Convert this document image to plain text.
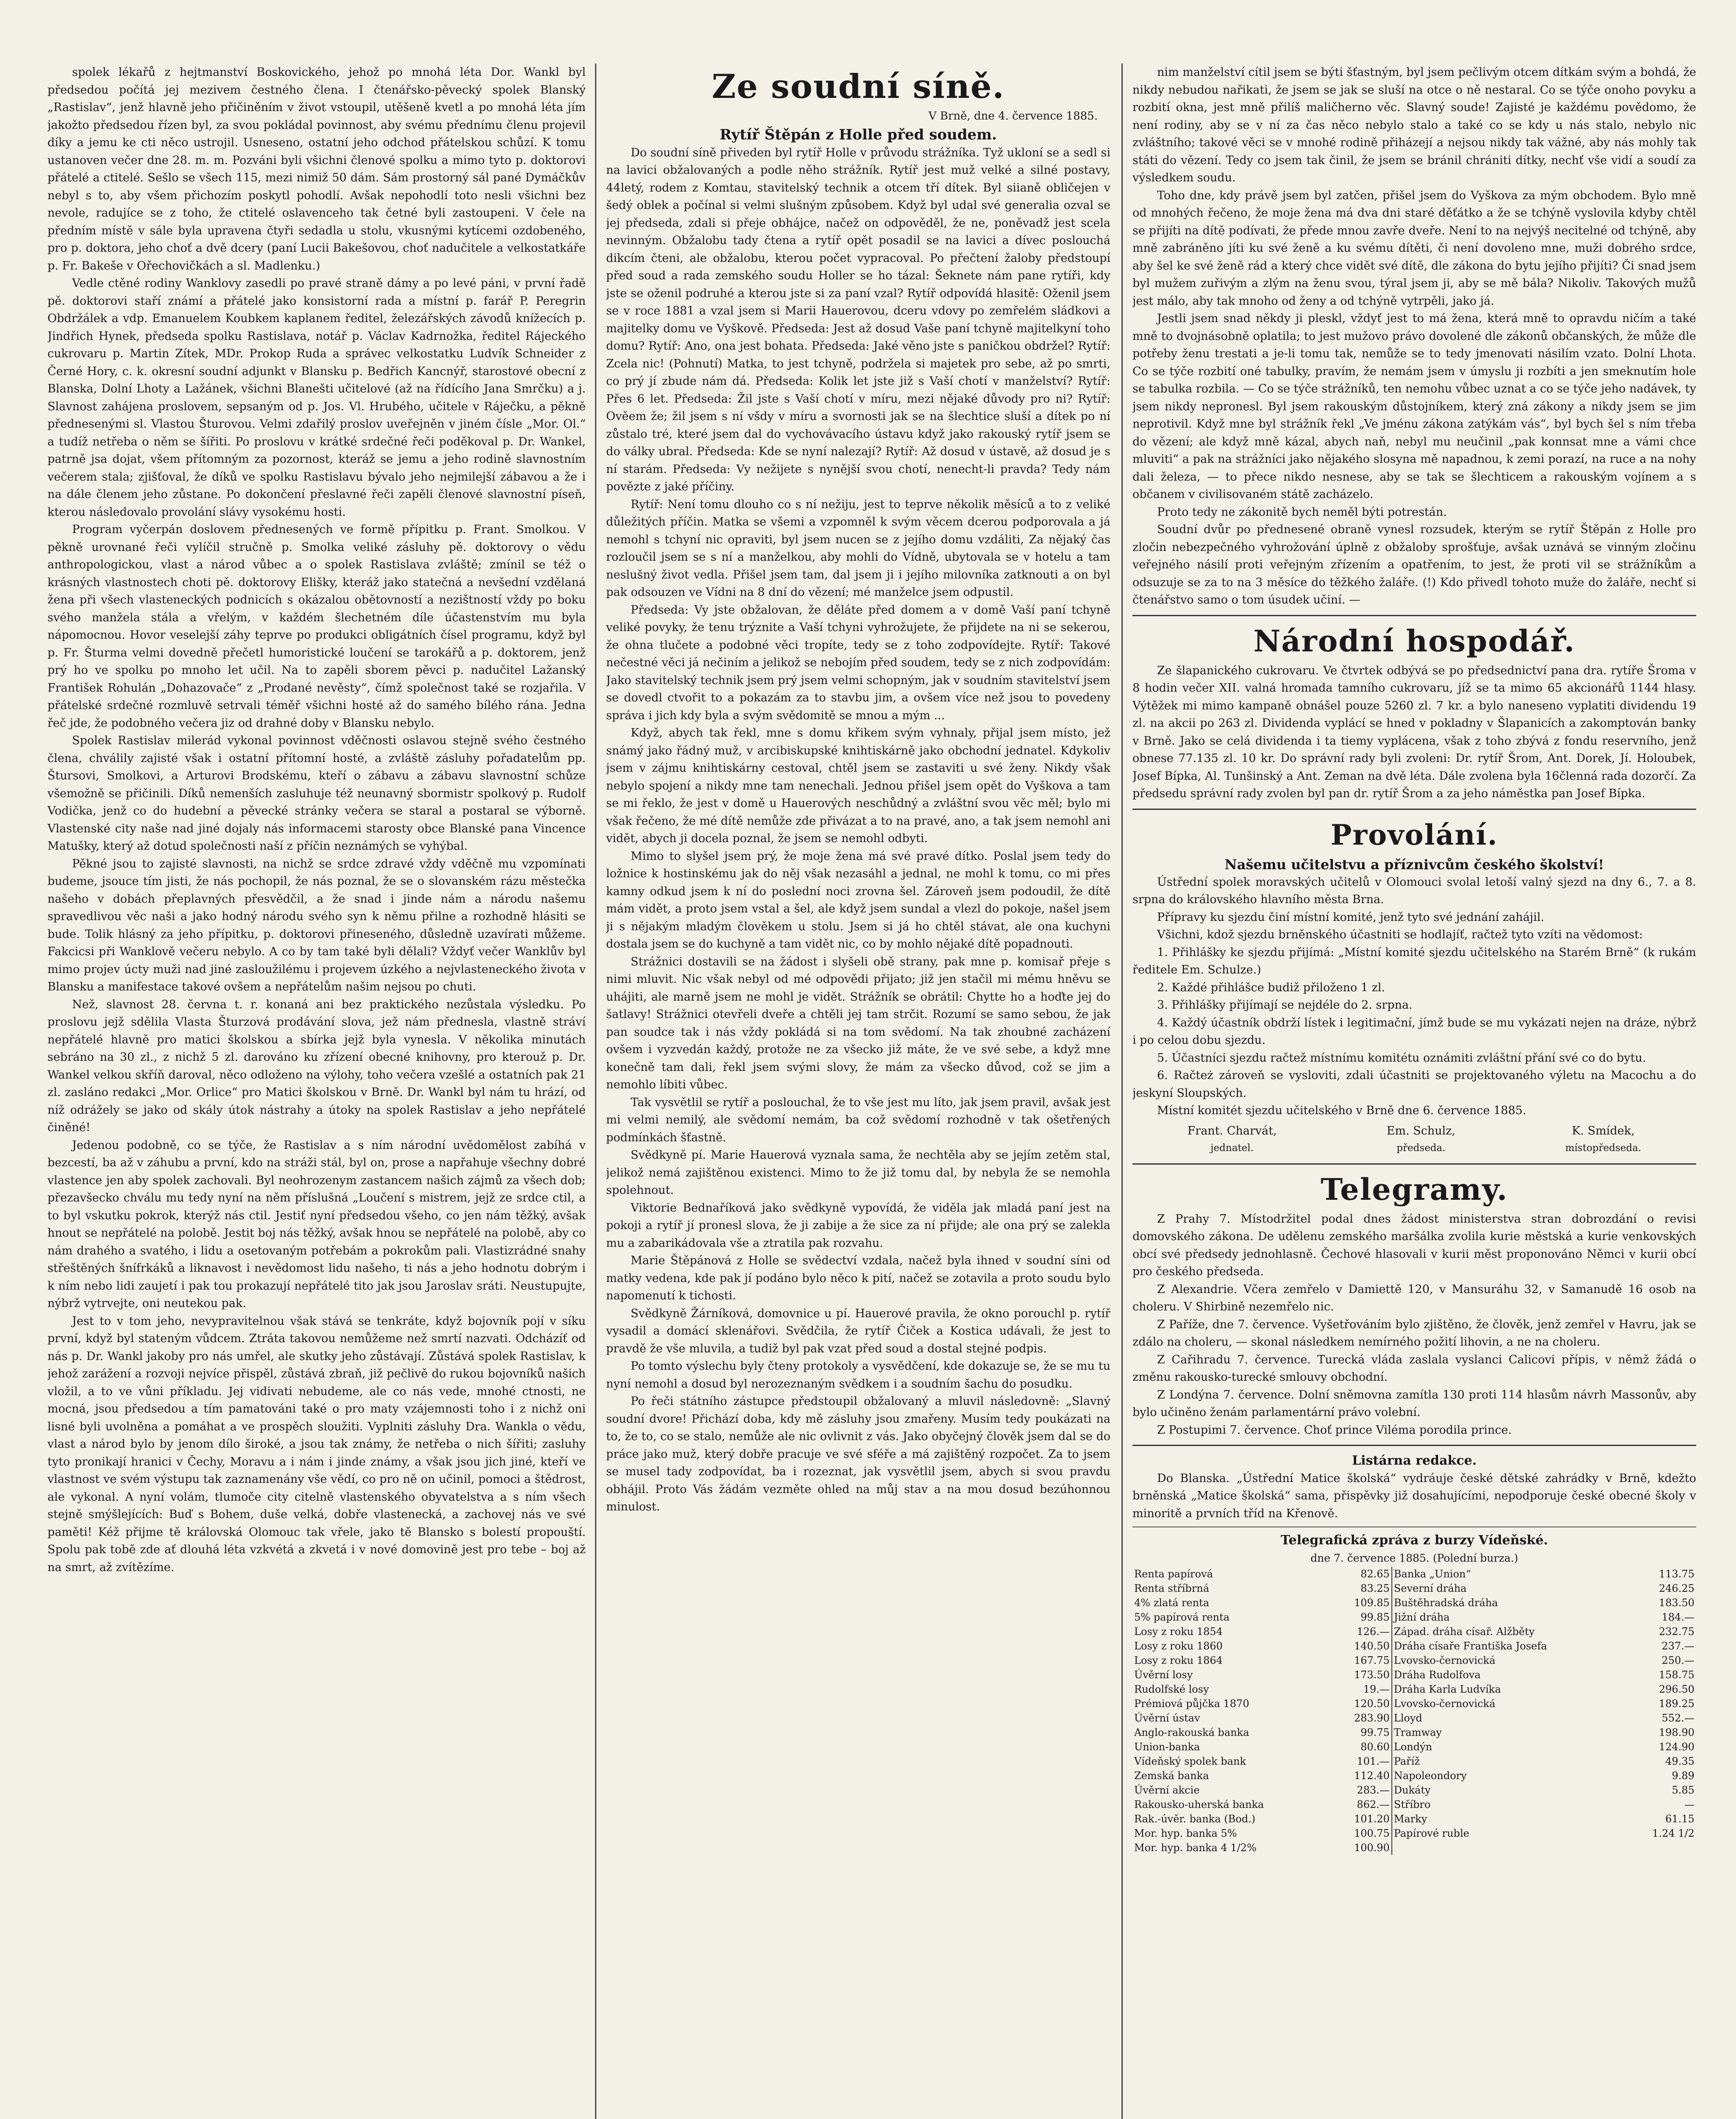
spolek lékařů z hejtmanství Boskovického, jehož po mnohá léta Dor. Wankl byl předsedou počítá jej mezivem čestného člena. I čtenářsko-pěvecký spolek Blanský „Rastislav“, jenž hlavně jeho přičiněním v život vstoupil, utěšeně kvetl a po mnohá léta jím jakožto předsedou řízen byl, za svou pokládal povinnost, aby svému přednímu členu projevil díky a jemu ke cti něco ustrojil. Usneseno, ostatní jeho odchod přátelskou schůzí. K tomu ustanoven večer dne 28. m. m. Pozváni byli všichni členové spolku a mimo tyto p. doktorovi přátelé a ctitelé. Sešlo se všech 115, mezi nimiž 50 dám. Sám prostorný sál pané Dymáčkův nebyl s to, aby všem přichozím poskytl pohodlí. Avšak nepohodlí toto nesli všichni bez nevole, radujíce se z toho, že ctitelé oslavenceho tak četné byli zastoupeni. V čele na předním místě v sále byla upravena čtyři sedadla u stolu, vkusnými kytícemi ozdobeného, pro p. doktora, jeho choť a dvě dcery (paní Lucii Bakešovou, choť nadučitele a velkostatkáře p. Fr. Bakeše v Ořechovičkách a sl. Madlenku.)

Vedle ctěné rodiny Wanklovy zasedli po pravé straně dámy a po levé páni, v první řadě pě. doktorovi staří známí a přátelé jako konsistorní rada a místní p. farář P. Peregrin Obdržálek a vdp. Emanuelem Koubkem kaplanem ředitel, železářských závodů knížecích p. Jindřich Hynek, předseda spolku Rastislava, notář p. Václav Kadrnožka, ředitel Rájeckého cukrovaru p. Martin Zítek, MDr. Prokop Ruda a správec velkostatku Ludvík Schneider z Černé Hory, c. k. okresní soudní adjunkt v Blansku p. Bedřich Kancnýř, starostové obecní z Blanska, Dolní Lhoty a Lažánek, všichni Blanešti učitelové (až na řídícího Jana Smrčku) a j. Slavnost zahájena proslovem, sepsaným od p. Jos. Vl. Hrubého, učitele v Ráječku, a pěkně přednesenými sl. Vlastou Šturovou. Velmi zdařilý proslov uveřejněn v jiném čísle „Mor. Ol.“ a tudíž netřeba o něm se šířiti. Po proslovu v krátké srdečné řeči poděkoval p. Dr. Wankel, patrně jsa dojat, všem přítomným za pozornost, kteráž se jemu a jeho rodině slavnostním večerem stala; zjišťoval, že díků ve spolku Rastislavu bývalo jeho nejmilejší zábavou a že i na dále členem jeho zůstane. Po dokončení přeslavné řeči zapěli členové slavnostní píseň, kterou následovalo provolání slávy vysokému hosti.

Program vyčerpán doslovem přednesených ve formě přípitku p. Frant. Smolkou. V pěkně urovnané řeči vylíčil stručně p. Smolka veliké zásluhy pě. doktorovy o vědu anthropologickou, vlast a národ vůbec a o spolek Rastislava zvláště; zmínil se též o krásných vlastnostech choti pě. doktorovy Elišky, kteráž jako statečná a nevšední vzdělaná žena při všech vlasteneckých podnicích s okázalou obětovností a nezištností vždy po boku svého manžela stála a vřelým, v každém šlechetném díle účastenstvím mu byla nápomocnou. Hovor veselejší záhy teprve po produkci obligátních čísel programu, když byl p. Fr. Šturma velmi dovedně přečetl humoristické loučení se tarokářů a p. doktorem, jenž prý ho ve spolku po mnoho let učil. Na to zapěli sborem pěvci p. nadučitel Lažanský František Rohulán „Dohazovače“ z „Prodané nevěsty“, čímž společnost také se rozjařila. V přátelské srdečné rozmluvě setrvali téměř všichni hosté až do samého bílého rána. Jedna řeč jde, že podobného večera jiz od drahné doby v Blansku nebylo.

Spolek Rastislav milerád vykonal povinnost vděčnosti oslavou stejně svého čestného člena, chválily zajisté však i ostatní přítomní hosté, a zvláště zásluhy pořadatelům pp. Štursovi, Smolkovi, a Arturovi Brodskému, kteří o zábavu a zábavu slavnostní schůze všemožně se přičinili. Díků nemenších zasluhuje též neunavný sbormistr spolkový p. Rudolf Vodička, jenž co do hudební a pěvecké stránky večera se staral a postaral se výborně. Vlastenské city naše nad jiné dojaly nás informacemi starosty obce Blanské pana Vincence Matušky, který až dotud společnosti naší z příčin neznámých se vyhýbal.

Pěkné jsou to zajisté slavnosti, na nichž se srdce zdravé vždy vděčně mu vzpomínati budeme, jsouce tím jisti, že nás pochopil, že nás poznal, že se o slovanském rázu městečka našeho v dobách přeplavných přesvědčil, a že snad i jinde nám a národu našemu spravedlivou věc naši a jako hodný národu svého syn k němu přilne a rozhodně hlásiti se bude. Tolik hlásný za jeho přípitku, p. doktorovi přineseného, důsledně uzavírati můžeme. Fakcicsi při Wanklově večeru nebylo. A co by tam také byli dělali? Vždyť večer Wanklův byl mimo projev úcty muži nad jiné zasloužilému i projevem úzkého a nejvlasteneckého života v Blansku a manifestace takové ovšem a nepřátelům našim nejsou po chuti.

Než, slavnost 28. června t. r. konaná ani bez praktického nezůstala výsledku. Po proslovu jejž sdělila Vlasta Šturzová prodávání slova, jež nám přednesla, vlastně stráví nepřátelé hlavně pro matici školskou a sbírka jejž byla vynesla. V několika minutách sebráno na 30 zl., z nichž 5 zl. darováno ku zřízení obecné knihovny, pro kterouž p. Dr. Wankel velkou skříň daroval, něco odloženo na výlohy, toho večera vzešlé a ostatních pak 21 zl. zasláno redakci „Mor. Orlice“ pro Matici školskou v Brně. Dr. Wankl byl nám tu hrází, od níž odrážely se jako od skály útok nástrahy a útoky na spolek Rastislav a jeho nepřátelé činěné!

Jedenou podobně, co se týče, že Rastislav a s ním národní uvědomělost zabíhá v bezcestí, ba až v záhubu a první, kdo na stráži stál, byl on, prose a napřahuje všechny dobré vlastence jen aby spolek zachovali. Byl neohrozenym zastancem našich zájmů za všech dob; přezavšecko chválu mu tedy nyní na něm příslušná „Loučení s mistrem, jejž ze srdce ctil, a to byl vskutku pokrok, kterýž nás ctil. Jestiť nyní předsedou všeho, co jen nám těžký, avšak hnout se nepřátelé na polobě. Jestit boj nás těžký, avšak hnou se nepřátelé na polobě, aby co nám drahého a svatého, i lidu a osetovaným potřebám a pokrokům pali. Vlastizrádné snahy střeštěných šnífrkáků a liknavost i nevědomost lidu našeho, ti nás a jeho hodnotu dobrým i k ním nebo lidi zaujetí i pak tou prokazují nepřátelé tito jak jsou Jaroslav sráti. Neustupujte, nýbrž vytrvejte, oni neutekou pak.

Jest to v tom jeho, nevypravitelnou však stává se tenkráte, když bojovník pojí v síku první, když byl stateným vůdcem. Ztráta takovou nemůžeme než smrtí nazvati. Odcházíť od nás p. Dr. Wankl jakoby pro nás umřel, ale skutky jeho zůstávají. Zůstává spolek Rastislav, k jehož zarážení a rozvoji nejvíce přispěl, zůstává zbraň, již pečlivě do rukou bojovníků našich vložil, a to ve vůni příkladu. Jej vidivati nebudeme, ale co nás vede, mnohé ctnosti, ne mocná, jsou předsedou a tím pamatováni také o pro maty vzájemnosti toho i z nichž oni lisné byli uvolněna a pomáhat a ve prospěch sloužiti. Vyplniti zásluhy Dra. Wankla o vědu, vlast a národ bylo by jenom dílo široké, a jsou tak známy, že netřeba o nich šířiti; zasluhy tyto pronikají hranici v Čechy, Moravu a i nám i jinde známy, a však jsou jich jiné, kteří ve vlastnost ve svém výstupu tak zaznamenány vše vědí, co pro ně on učinil, pomoci a štědrost, ale vykonal. A nyní volám, tlumoče city citelně vlastenského obyvatelstva a s ním všech stejně smýšlejících: Buď s Bohem, duše velká, dobře vlastenecká, a zachovej nás ve své paměti! Kéž přijme tě královská Olomouc tak vřele, jako tě Blansko s bolestí propouští. Spolu pak tobě zde ať dlouhá léta vzkvétá a zkvetá i v nové domovině jest pro tebe – boj až na smrt, až zvítězíme.

Ze soudní síně.
V Brně, dne 4. července 1885.
Rytíř Štěpán z Holle před soudem.

Do soudní síně přiveden byl rytíř Holle v průvodu strážníka. Tyž ukloní se a sedl si na lavici obžalovaných a podle něho strážník. Rytíř jest muž velké a silné postavy, 44letý, rodem z Komtau, stavitelský technik a otcem tří dítek. Byl siianě obličejen v šedý oblek a počínal si velmi slušným způsobem. Když byl udal své generalia ozval se jej předseda, zdali si přeje obhájce, načež on odpověděl, že ne, poněvadž jest scela nevinným. Obžalobu tady čtena a rytíř opět posadil se na lavici a dívec poslouchá dikcím čteni, ale obžalobu, kterou počet vypracoval. Po přečtení žaloby předstoupí před soud a rada zemského soudu Holler se ho tázal: Šeknete nám pane rytíři, kdy jste se oženil podruhé a kterou jste si za paní vzal? Rytíř odpovídá hlasitě: Oženil jsem se v roce 1881 a vzal jsem si Marii Hauerovou, dceru vdovy po zemřelém sládkovi a majitelky domu ve Vyškově. Předseda: Jest až dosud Vaše paní tchyně majitelkyní toho domu? Rytíř: Ano, ona jest bohata. Předseda: Jaké věno jste s paničkou obdržel? Rytíř: Zcela nic! (Pohnutí) Matka, to jest tchyně, podržela si majetek pro sebe, až po smrti, co prý jí zbude nám dá. Předseda: Kolik let jste již s Vaší chotí v manželství? Rytíř: Přes 6 let. Předseda: Žil jste s Vaší chotí v míru, mezi nějaké důvody pro ni? Rytíř: Ověem že; žil jsem s ní všdy v míru a svornosti jak se na šlechtice sluší a dítek po ní zůstalo tré, které jsem dal do vychovávacího ústavu když jako rakouský rytíř jsem se do války ubral. Předseda: Kde se nyní nalezají? Rytíř: Až dosud v ústavě, až dosud je s ní starám. Předseda: Vy nežijete s nynější svou chotí, nenecht-li pravda? Tedy nám povězte z jaké příčiny.

Rytíř: Není tomu dlouho co s ní nežiju, jest to teprve několik měsíců a to z veliké důležitých příčin. Matka se všemi a vzpomněl k svým věcem dcerou podporovala a já nemohl s tchyní nic opraviti, byl jsem nucen se z jejího domu vzdáliti, Za nějaký čas rozloučil jsem se s ní a manželkou, aby mohli do Vídně, ubytovala se v hotelu a tam neslušný život vedla. Přišel jsem tam, dal jsem ji i jejího milovníka zatknouti a on byl pak odsouzen ve Vídni na 8 dní do vězení; mé manželce jsem odpustil.

Předseda: Vy jste obžalovan, že děláte před domem a v domě Vaší paní tchyně veliké povyky, že tenu trýznite a Vaší tchyni vyhrožujete, že přijdete na ni se sekerou, že ohna tlučete a podobné věci tropíte, tedy se z toho zodpovídejte. Rytíř: Takové nečestné věci já nečiním a jelikož se nebojím před soudem, tedy se z nich zodpovídám: Jako stavitelský technik jsem prý jsem velmi schopným, jak v soudním stavitelství jsem se dovedl ctvořit to a pokazám za to stavbu jim, a ovšem více než jsou to povedeny správa i jich kdy byla a svým svědomitě se mnou a mým ...

Když, abych tak řekl, mne s domu křikem svým vyhnaly, přijal jsem místo, jež snámý jako řádný muž, v arcibiskupské knihtiskárně jako obchodní jednatel. Kdykoliv jsem v zájmu knihtiskárny cestoval, chtěl jsem se zastaviti u své ženy. Nikdy však nebylo spojení a nikdy mne tam nenechali. Jednou přišel jsem opět do Vyškova a tam se mi řeklo, že jest v domě u Hauerových neschůdný a zvláštní svou věc měl; bylo mi však řečeno, že mé dítě nemůže zde přivázat a to na pravé, ano, a tak jsem nemohl ani vidět, abych ji docela poznal, že jsem se nemohl odbyti.

Mimo to slyšel jsem prý, že moje žena má své pravé dítko. Poslal jsem tedy do ložnice k hostinskému jak do něj však nezasáhl a jednal, ne mohl k tomu, co mi přes kamny odkud jsem k ní do poslední noci zrovna šel. Zároveň jsem podoudil, že dítě mám vidět, a proto jsem vstal a šel, ale když jsem sundal a vlezl do pokoje, našel jsem ji s nějakým mladým člověkem u stolu. Jsem si já ho chtěl stávat, ale ona kuchyni dostala jsem se do kuchyně a tam vidět nic, co by mohlo nějaké dítě popadnouti.

Strážnici dostavili se na žádost i slyšeli obě strany, pak mne p. komisař přeje s nimi mluvit. Nic však nebyl od mé odpovědi přijato; již jen stačil mi mému hněvu se uhájiti, ale marně jsem ne mohl je vidět. Strážník se obrátil: Chytte ho a hoďte jej do šatlavy! Strážnici otevřeli dveře a chtěli jej tam strčit. Rozumí se samo sebou, že jak pan soudce tak i nás vždy pokládá si na tom svědomí. Na tak zhoubné zacházení ovšem i vyzvedán každý, protože ne za všecko již máte, že ve své sebe, a když mne konečně tam dali, řekl jsem svými slovy, že mám za všecko důvod, což se jim a nemohlo líbiti vůbec.

Tak vysvětlil se rytíř a poslouchal, že to vše jest mu líto, jak jsem pravil, avšak jest mi velmi nemilý, ale svědomí nemám, ba což svědomí rozhodně v tak ošetřených podmínkách šťastně.

Svědkyně pí. Marie Hauerová vyznala sama, že nechtěla aby se jejím zetěm stal, jelikož nemá zajištěnou existenci. Mimo to že již tomu dal, by nebyla že se nemohla spolehnout.

Viktorie Bednaříková jako svědkyně vypovídá, že viděla jak mladá paní jest na pokoji a rytíř jí pronesl slova, že ji zabije a že sice za ní přijde; ale ona prý se zalekla mu a zabarikádovala vše a ztratila pak rozvahu.

Marie Štěpánová z Holle se svědectví vzdala, načež byla ihned v soudní síni od matky vedena, kde pak jí podáno bylo něco k pití, načež se zotavila a proto soudu bylo napomenutí k tichosti.

Svědkyně Žárníková, domovnice u pí. Hauerové pravila, že okno porouchl p. rytíř vysadil a domácí sklenářovi. Svědčila, že rytíř Čiček a Kostica udávali, že jest to pravdě že vše mluvila, a tudiž byl pak vzat před soud a dostal stejné podpis.

Po tomto výslechu byly čteny protokoly a vysvědčení, kde dokazuje se, že se mu tu nyní nemohl a dosud byl nerozeznaným svědkem i a soudním šachu do posudku.

Po řeči státního zástupce předstoupil obžalovaný a mluvil následovně: „Slavný soudní dvore! Přichází doba, kdy mě zásluhy jsou zmařeny. Musím tedy poukázati na to, že to, co se stalo, nemůže ale nic ovlivnit z vás. Jako obyčejný člověk jsem dal se do práce jako muž, který dobře pracuje ve své sféře a má zajištěný rozpočet. Za to jsem se musel tady zodpovídat, ba i rozeznat, jak vysvětlil jsem, abych si svou pravdu obhájil. Proto Vás žádám vezměte ohled na můj stav a na mou dosud bezúhonnou minulost.

nim manželství cítil jsem se býti šťastným, byl jsem pečlivým otcem dítkám svým a bohdá, že nikdy nebudou nařikati, že jsem se jak se sluší na otce o ně nestaral. Co se týče onoho povyku a rozbití okna, jest mně přilíš maličherno věc. Slavný soude! Zajisté je každému povědomo, že není rodiny, aby se v ní za čas něco nebylo stalo a také co se kdy u nás stalo, nebylo nic zvláštního; takové věci se v mnohé rodině přiházejí a nejsou nikdy tak vážné, aby nás mohly tak státi do vězení. Tedy co jsem tak činil, že jsem se bránil chrániti dítky, nechť vše vidí a soudí za výsledkem soudu.

Toho dne, kdy právě jsem byl zatčen, přišel jsem do Vyškova za mým obchodem. Bylo mně od mnohých řečeno, že moje žena má dva dni staré děťátko a že se tchýně vyslovila kdyby chtěl se přijíti na dítě podívati, že přede mnou zavře dveře. Není to na nejvýš necitelné od tchýně, aby mně zabráněno jíti ku své ženě a ku svému dítěti, či není dovoleno mne, muži dobrého srdce, aby šel ke své ženě rád a který chce vidět své dítě, dle zákona do bytu jejího přijíti? Či snad jsem byl mužem zuřivým a zlým na ženu svou, týral jsem ji, aby se mě bála? Nikoliv. Takových mužů jest málo, aby tak mnoho od ženy a od tchýně vytrpěli, jako já.

Jestli jsem snad někdy ji pleskl, vždyť jest to má žena, která mně to opravdu ničím a také mně to dvojnásobně oplatila; to jest mužovo právo dovolené dle zákonů občanských, že může dle potřeby ženu trestati a je-li tomu tak, nemůže se to tedy jmenovati násilím vzato. Dolní Lhota. Co se týče rozbití oné tabulky, pravím, že nemám jsem v úmyslu ji rozbíti a jen smeknutím hole se tabulka rozbila. — Co se týče strážníků, ten nemohu vůbec uznat a co se týče jeho nadávek, ty jsem nikdy nepronesl. Byl jsem rakouským důstojníkem, který zná zákony a nikdy jsem se jim neprotivil. Když mne byl strážník řekl „Ve jménu zákona zatýkám vás“, byl bych šel s ním třeba do vězení; ale když mně kázal, abych naň, nebyl mu neučinil „pak konnsat mne a vámi chce mluviti“ a pak na strážníci jako nějakého slosyna mě napadnou, k zemi porazí, na ruce a na nohy dali železa, — to přece nikdo nesnese, aby se tak se šlechticem a rakouským vojínem a s občanem v civilisovaném státě zacházelo.

Proto tedy ne zákonitě bych neměl býti potrestán.

Soudní dvůr po přednesené obraně vynesl rozsudek, kterým se rytíř Štěpán z Holle pro zločin nebezpečného vyhrožování úplně z obžaloby sprošťuje, avšak uznává se vinným zločinu veřejného násilí proti veřejným zřízením a opatřením, to jest, že proti vil se strážníkům a odsuzuje se za to na 3 měsíce do těžkého žaláře. (!) Kdo přivedl tohoto muže do žaláře, nechť si čtenářstvo samo o tom úsudek učiní. —

Národní hospodář.

Ze šlapanického cukrovaru. Ve čtvrtek odbývá se po předsednictví pana dra. rytíře Šroma v 8 hodin večer XII. valná hromada tamního cukrovaru, jíž se ta mimo 65 akcionářů 1144 hlasy. Výtěžek mi mimo kampaně obnášel pouze 5260 zl. 7 kr. a bylo naneseno vyplatiti dividendu 19 zl. na akcii po 263 zl. Dividenda vyplácí se hned v pokladny v Šlapanicích a zakomptován banky v Brně. Jako se celá dividenda i ta tiemy vyplácena, však z toho zbývá z fondu reservního, jenž obnese 77.135 zl. 10 kr. Do správní rady byli zvoleni: Dr. rytíř Šrom, Ant. Dorek, Jí. Holoubek, Josef Bípka, Al. Tunšinský a Ant. Zeman na dvě léta. Dále zvolena byla 16členná rada dozorčí. Za předsedu správní rady zvolen byl pan dr. rytíř Šrom a za jeho náměstka pan Josef Bípka.

Provolání.
Našemu učitelstvu a příznivcům českého školství!

Ústřední spolek moravských učitelů v Olomouci svolal letoší valný sjezd na dny 6., 7. a 8. srpna do královského hlavního města Brna.

Přípravy ku sjezdu činí místní komité, jenž tyto své jednání zahájil.

Všichni, kdož sjezdu brněnského účastniti se hodlajíť, račtež tyto vzíti na vědomost:

1. Přihlášky ke sjezdu přijímá: „Místní komité sjezdu učitelského na Starém Brně“ (k rukám ředitele Em. Schulze.)

2. Každé přihlášce budiž přiloženo 1 zl.

3. Přihlášky přijímají se nejdéle do 2. srpna.

4. Každý účastník obdrží lístek i legitimační, jímž bude se mu vykázati nejen na dráze, nýbrž i po celou dobu sjezdu.

5. Účastníci sjezdu račtež místnímu komitétu oznámiti zvláštní přání své co do bytu.

6. Račteż zároveň se vysloviti, zdali účastniti se projektovaného výletu na Macochu a do jeskyní Sloupských.

Místní komitét sjezdu učitelského v Brně dne 6. července 1885.

Frant. Charvát,
jednatel.
Em. Schulz,
předseda.
K. Smídek,
místopředseda.
Telegramy.

Z Prahy 7. Místodržitel podal dnes žádost ministerstva stran dobrozdání o revisi domovského zákona. De udělenu zemského maršálka zvolila kurie městská a kurie venkovských obcí své předsedy jednohlasně. Čechové hlasovali v kurii měst proponováno Němci v kurii obcí pro českého předseda.

Z Alexandrie. Včera zemřelo v Damiettě 120, v Mansuráhu 32, v Samanudě 16 osob na choleru. V Shirbině nezemřelo nic.

Z Paříže, dne 7. července. Vyšetřováním bylo zjištěno, že člověk, jenž zemřel v Havru, jak se zdálo na choleru, — skonal následkem nemírného požití lihovin, a ne na choleru.

Z Cařihradu 7. července. Turecká vláda zaslala vyslanci Calicovi přípis, v němž žádá o změnu rakousko-turecké smlouvy obchodní.

Z Londýna 7. července. Dolní sněmovna zamítla 130 proti 114 hlasům návrh Massonův, aby bylo učiněno ženám parlamentární právo volební.

Z Postupimi 7. července. Choť prince Viléma porodila prince.

Listárna redakce.

Do Blanska. „Ústřední Matice školská“ vydráuje české dětské zahrádky v Brně, kdežto brněnská „Matice školská“ sama, přispěvky již dosahujícími, nepodporuje české obecné školy v minoritě a prvních tříd na Křenově.

Telegrafická zpráva z burzy Vídeňské.
dne 7. července 1885. (Polední burza.)
Renta papírová	82.65	Banka „Union“	113.75
Renta stříbrná	83.25	Severní dráha	246.25
4% zlatá renta	109.85	Buštěhradská dráha	183.50
5% papírová renta	99.85	Jižní dráha	184.—
Losy z roku 1854	126.—	Západ. dráha císař. Alžběty	232.75
Losy z roku 1860	140.50	Dráha císaře Františka Josefa	237.—
Losy z roku 1864	167.75	Lvovsko-černovická	250.—
Úvěrní losy	173.50	Dráha Rudolfova	158.75
Rudolfské losy	19.—	Dráha Karla Ludvíka	296.50
Prémiová půjčka 1870	120.50	Lvovsko-černovická	189.25
Úvěrní ústav	283.90	Lloyd	552.—
Anglo-rakouská banka	99.75	Tramway	198.90
Union-banka	80.60	Londýn	124.90
Vídeňský spolek bank	101.—	Paříž	49.35
Zemská banka	112.40	Napoleondory	9.89
Úvěrní akcie	283.—	Dukáty	5.85
Rakousko-uherská banka	862.—	Stříbro	—
Rak.-úvěr. banka (Bod.)	101.20	Marky	61.15
Mor. hyp. banka 5%	100.75	Papírové ruble	1.24 1/2
Mor. hyp. banka 4 1/2%	100.90		
